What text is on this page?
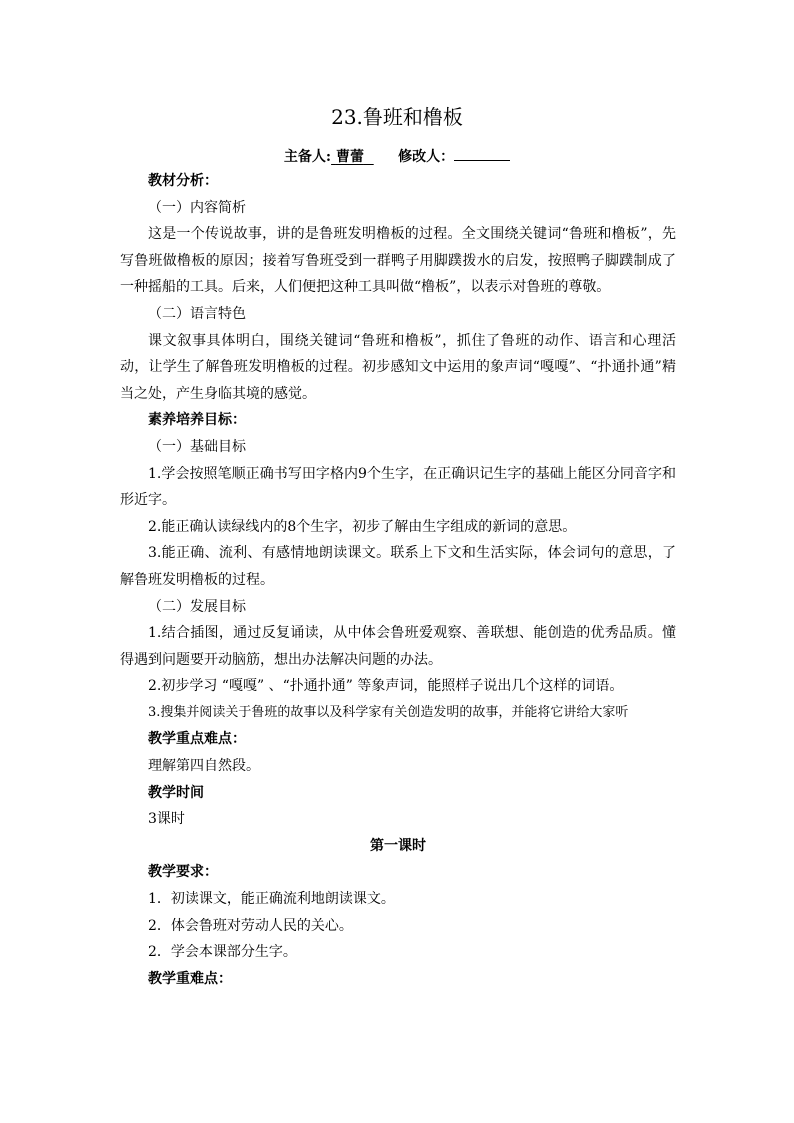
23.鲁班和橹板
主备人: 曹蕾 修改人：

教材分析：

（一）内容简析

这是一个传说故事，讲的是鲁班发明橹板的过程。全文围绕关键词“鲁班和橹板”，先写鲁班做橹板的原因；接着写鲁班受到一群鸭子用脚蹼拨水的启发，按照鸭子脚蹼制成了一种摇船的工具。后来，人们便把这种工具叫做“橹板”，以表示对鲁班的尊敬。

（二）语言特色

课文叙事具体明白，围绕关键词“鲁班和橹板”，抓住了鲁班的动作、语言和心理活动，让学生了解鲁班发明橹板的过程。初步感知文中运用的象声词“嘎嘎”、“扑通扑通”精当之处，产生身临其境的感觉。

素养培养目标：

（一）基础目标

1.学会按照笔顺正确书写田字格内9个生字，在正确识记生字的基础上能区分同音字和形近字。

2.能正确认读绿线内的8个生字，初步了解由生字组成的新词的意思。

3.能正确、流利、有感情地朗读课文。联系上下文和生活实际，体会词句的意思，了解鲁班发明橹板的过程。

（二）发展目标

1.结合插图，通过反复诵读，从中体会鲁班爱观察、善联想、能创造的优秀品质。懂得遇到问题要开动脑筋，想出办法解决问题的办法。

2.初步学习 “嘎嘎” 、“扑通扑通” 等象声词，能照样子说出几个这样的词语。

3.搜集并阅读关于鲁班的故事以及科学家有关创造发明的故事，并能将它讲给大家听

教学重点难点：

理解第四自然段。

教学时间

3课时

第一课时

教学要求：

1．初读课文，能正确流利地朗读课文。

2．体会鲁班对劳动人民的关心。

2．学会本课部分生字。

教学重难点：
